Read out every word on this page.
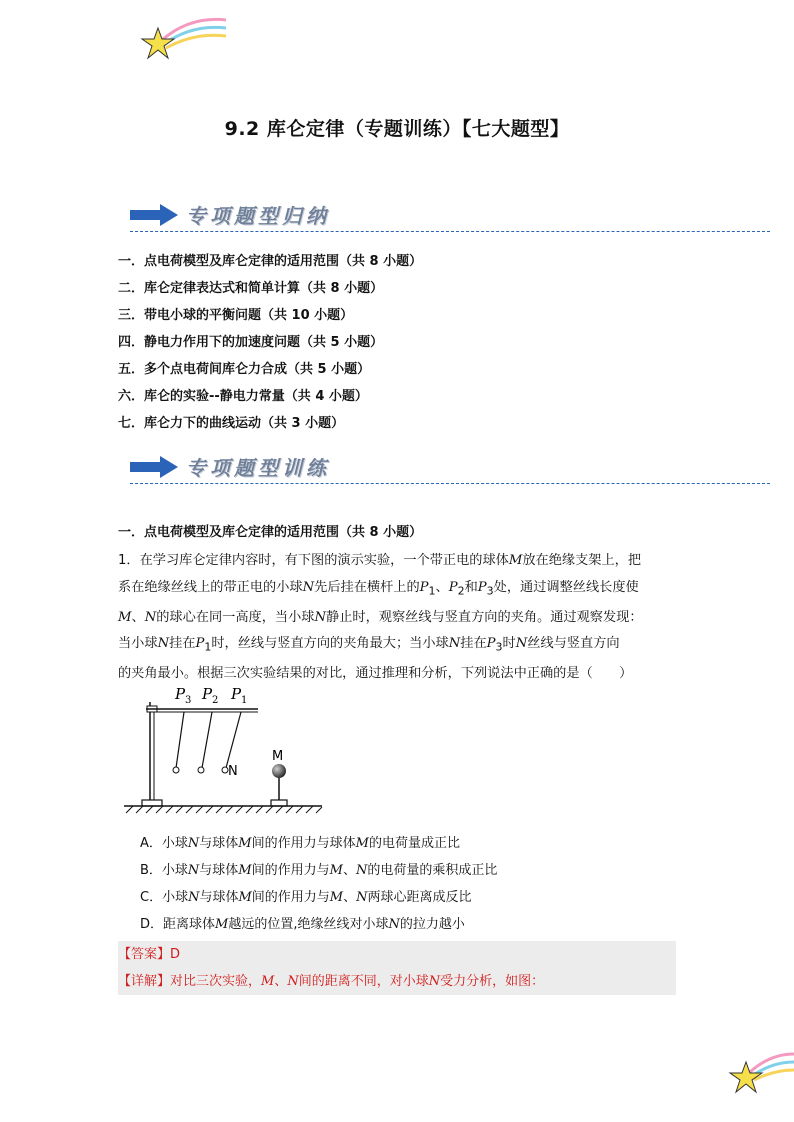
9.2 库仑定律（专题训练）【七大题型】
专项题型归纳
一．点电荷模型及库仑定律的适用范围（共 8 小题）
二．库仑定律表达式和简单计算（共 8 小题）
三．带电小球的平衡问题（共 10 小题）
四．静电力作用下的加速度问题（共 5 小题）
五．多个点电荷间库仑力合成（共 5 小题）
六．库仑的实验--静电力常量（共 4 小题）
七．库仑力下的曲线运动（共 3 小题）
专项题型训练
一．点电荷模型及库仑定律的适用范围（共 8 小题）
1．在学习库仑定律内容时，有下图的演示实验，一个带正电的球体M放在绝缘支架上，把
系在绝缘丝线上的带正电的小球N先后挂在横杆上的$P_1$、$P_2$和$P_3$处，通过调整丝线长度使
M、N的球心在同一高度，当小球N静止时，观察丝线与竖直方向的夹角。通过观察发现：
当小球N挂在$P_1$时，丝线与竖直方向的夹角最大；当小球N挂在$P_3$时N丝线与竖直方向
的夹角最小。根据三次实验结果的对比，通过推理和分析，下列说法中正确的是（　　）
P 3 P 2 P 1
N
M
A．小球N与球体M间的作用力与球体M的电荷量成正比
B．小球N与球体M间的作用力与M、N的电荷量的乘积成正比
C．小球N与球体M间的作用力与M、N两球心距离成反比
D．距离球体M越远的位置,绝缘丝线对小球N的拉力越小
【答案】D
【详解】对比三次实验，M、N间的距离不同，对小球N受力分析，如图：
